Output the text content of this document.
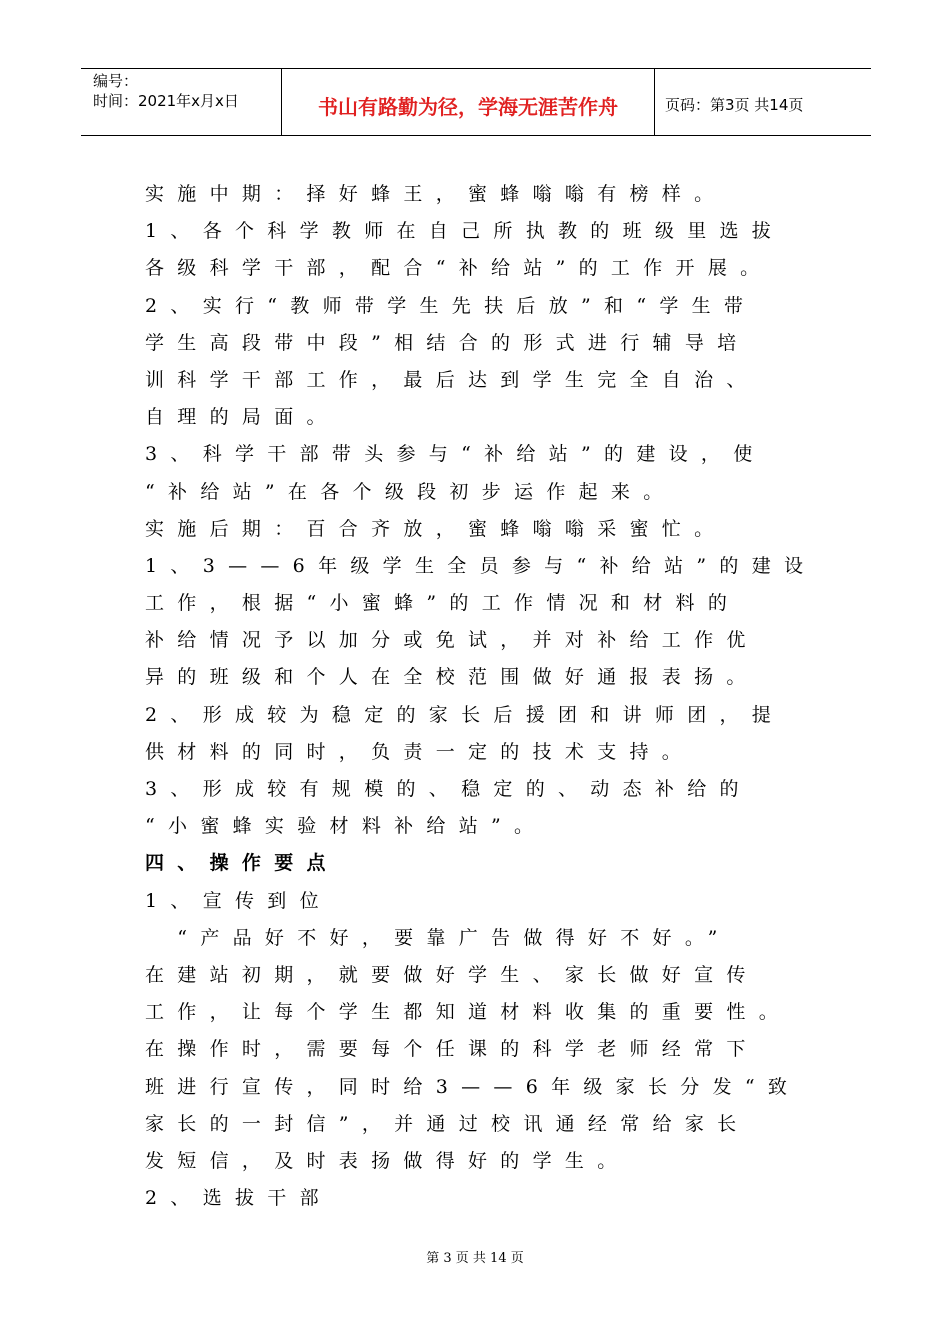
编号：
时间：2021年x月x日	书山有路勤为径，学海无涯苦作舟	页码：第3页 共14页
实施中期：择好蜂王，蜜蜂嗡嗡有榜样。
1、各个科学教师在自己所执教的班级里选拔
各级科学干部，配合“补给站”的工作开展。
2、实行“教师带学生先扶后放”和“学生带
学生高段带中段”相结合的形式进行辅导培
训科学干部工作，最后达到学生完全自治、
自理的局面。
3、科学干部带头参与“补给站”的建设，使
“补给站”在各个级段初步运作起来。
实施后期：百合齐放，蜜蜂嗡嗡采蜜忙。
1、3——6年级学生全员参与“补给站”的建设
工作，根据“小蜜蜂”的工作情况和材料的
补给情况予以加分或免试，并对补给工作优
异的班级和个人在全校范围做好通报表扬。
2、形成较为稳定的家长后援团和讲师团，提
供材料的同时，负责一定的技术支持。
3、形成较有规模的、稳定的、动态补给的
“小蜜蜂实验材料补给站”。
四、操作要点
1、宣传到位
　“产品好不好，要靠广告做得好不好。”
在建站初期，就要做好学生、家长做好宣传
工作，让每个学生都知道材料收集的重要性。
在操作时，需要每个任课的科学老师经常下
班进行宣传，同时给3——6年级家长分发“致
家长的一封信”，并通过校讯通经常给家长
发短信，及时表扬做得好的学生。
2、选拔干部
第 3 页 共 14 页
